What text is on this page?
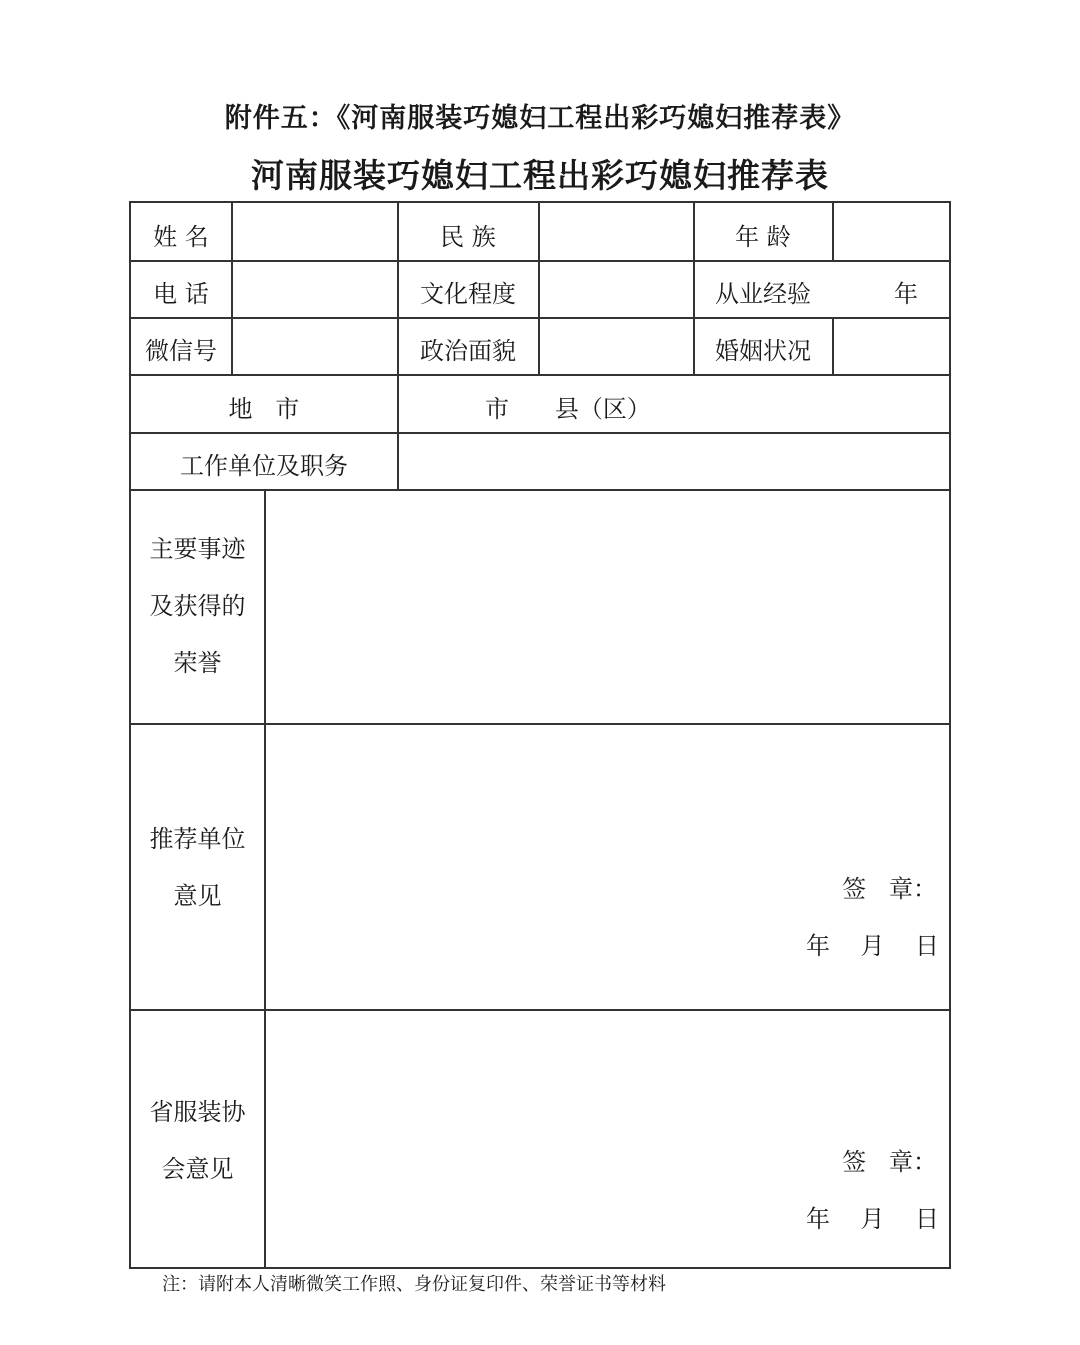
附件五：《河南服装巧媳妇工程出彩巧媳妇推荐表》
河南服装巧媳妇工程出彩巧媳妇推荐表
姓 名	民 族	年 龄
电 话	文化程度	从业经验	年
微信号	政治面貌	婚姻状况
地   市	市      县（区）
工作单位及职务
主要事迹
及获得的
荣誉
推荐单位
意见	签   章：
年    月    日
省服装协
会意见	签   章：
年    月    日
注：请附本人清晰微笑工作照、身份证复印件、荣誉证书等材料
